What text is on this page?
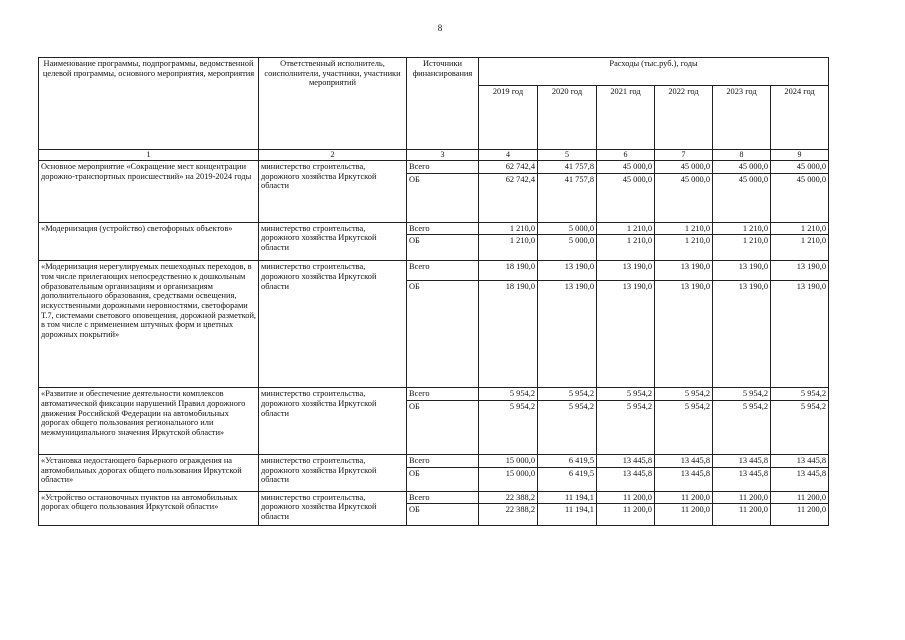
8
Наименование программы, подпрограммы, ведомственной целевой программы, основного мероприятия, мероприятия	Ответственный исполнитель, соисполнители, участники, участники мероприятий	Источники финансирования	Расходы (тыс.руб.), годы					
			2019 год	2020 год	2021 год	2022 год	2023 год	2024 год
1	2	3	4	5	6	7	8	9
Основное мероприятие «Сокращение мест концентрации дорожно-транспортных происшествий» на 2019-2024 годы	министерство строительства, дорожного хозяйства Иркутской области	Всего	62 742,4	41 757,8	45 000,0	45 000,0	45 000,0	45 000,0
		ОБ	62 742,4	41 757,8	45 000,0	45 000,0	45 000,0	45 000,0
«Модернизация (устройство) светофорных объектов»	министерство строительства, дорожного хозяйства Иркутской области	Всего	1 210,0	5 000,0	1 210,0	1 210,0	1 210,0	1 210,0
		ОБ	1 210,0	5 000,0	1 210,0	1 210,0	1 210,0	1 210,0
«Модернизация нерегулируемых пешеходных переходов, в том числе прилегающих непосредственно к дошкольным образовательным организациям и организациям дополнительного образования, средствами освещения, искусственными дорожными неровностями, светофорами Т.7, системами светового оповещения, дорожной разметкой, в том числе с применением штучных форм и цветных дорожных покрытий»	министерство строительства, дорожного хозяйства Иркутской области	Всего	18 190,0	13 190,0	13 190,0	13 190,0	13 190,0	13 190,0
		ОБ	18 190,0	13 190,0	13 190,0	13 190,0	13 190,0	13 190,0
«Развитие и обеспечение деятельности комплексов автоматической фиксации нарушений Правил дорожного движения Российской Федерации на автомобильных дорогах общего пользования регионального или межмуниципального значения Иркутской области»	министерство строительства, дорожного хозяйства Иркутской области	Всего	5 954,2	5 954,2	5 954,2	5 954,2	5 954,2	5 954,2
		ОБ	5 954,2	5 954,2	5 954,2	5 954,2	5 954,2	5 954,2
«Установка недостающего барьерного ограждения на автомобильных дорогах общего пользования Иркутской области»	министерство строительства, дорожного хозяйства Иркутской области	Всего	15 000,0	6 419,5	13 445,8	13 445,8	13 445,8	13 445,8
		ОБ	15 000,0	6 419,5	13 445,8	13 445,8	13 445,8	13 445,8
«Устройство остановочных пунктов на автомобильных дорогах общего пользования Иркутской области»	министерство строительства, дорожного хозяйства Иркутской области	Всего	22 388,2	11 194,1	11 200,0	11 200,0	11 200,0	11 200,0
		ОБ	22 388,2	11 194,1	11 200,0	11 200,0	11 200,0	11 200,0
